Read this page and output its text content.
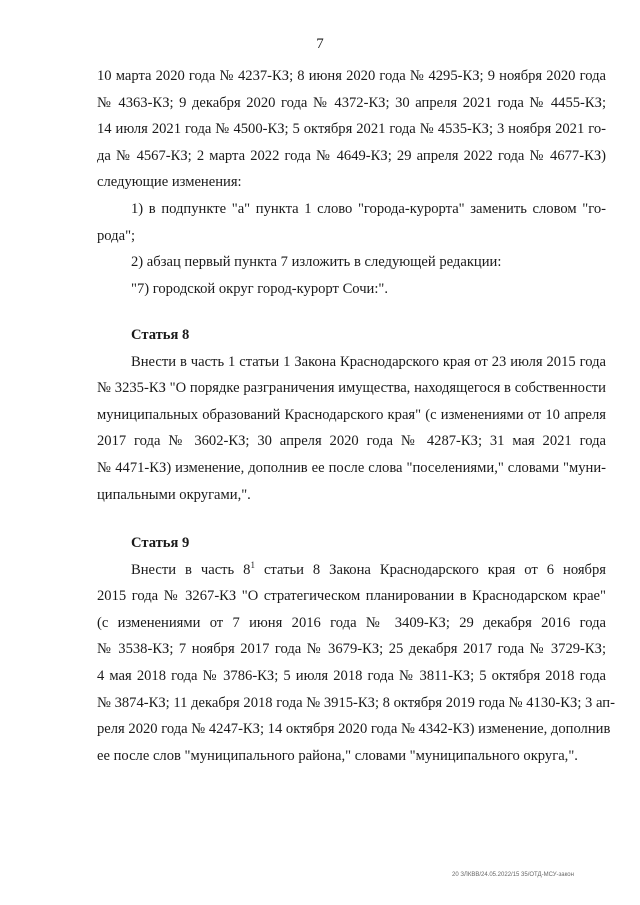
7
10 марта 2020 года № 4237-КЗ; 8 июня 2020 года № 4295-КЗ; 9 ноября 2020 года
№ 4363-КЗ; 9 декабря 2020 года № 4372-КЗ; 30 апреля 2021 года № 4455-КЗ;
14 июля 2021 года № 4500-КЗ; 5 октября 2021 года № 4535-КЗ; 3 ноября 2021 го-
да № 4567-КЗ; 2 марта 2022 года № 4649-КЗ; 29 апреля 2022 года № 4677-КЗ)
следующие изменения:
1) в подпункте "а" пункта 1 слово "города-курорта" заменить словом "го-
рода";
2) абзац первый пункта 7 изложить в следующей редакции:
"7) городской округ город-курорт Сочи:".
Статья 8
Внести в часть 1 статьи 1 Закона Краснодарского края от 23 июля 2015 года
№ 3235-КЗ "О порядке разграничения имущества, находящегося в собственности
муниципальных образований Краснодарского края" (с изменениями от 10 апреля
2017 года № 3602-КЗ; 30 апреля 2020 года № 4287-КЗ; 31 мая 2021 года
№ 4471-КЗ) изменение, дополнив ее после слова "поселениями," словами "муни-
ципальными округами,".
Статья 9
Внести в часть $8^1$ статьи 8 Закона Краснодарского края от 6 ноября
2015 года № 3267-КЗ "О стратегическом планировании в Краснодарском крае"
(с изменениями от 7 июня 2016 года № 3409-КЗ; 29 декабря 2016 года
№ 3538-КЗ; 7 ноября 2017 года № 3679-КЗ; 25 декабря 2017 года № 3729-КЗ;
4 мая 2018 года № 3786-КЗ; 5 июля 2018 года № 3811-КЗ; 5 октября 2018 года
№ 3874-КЗ; 11 декабря 2018 года № 3915-КЗ; 8 октября 2019 года № 4130-КЗ; 3 ап-
реля 2020 года № 4247-КЗ; 14 октября 2020 года № 4342-КЗ) изменение, дополнив
ее после слов "муниципального района," словами "муниципального округа,".
20 ЗЛКВВ/24.05.2022/15 35/ОТД-МСУ-закон
